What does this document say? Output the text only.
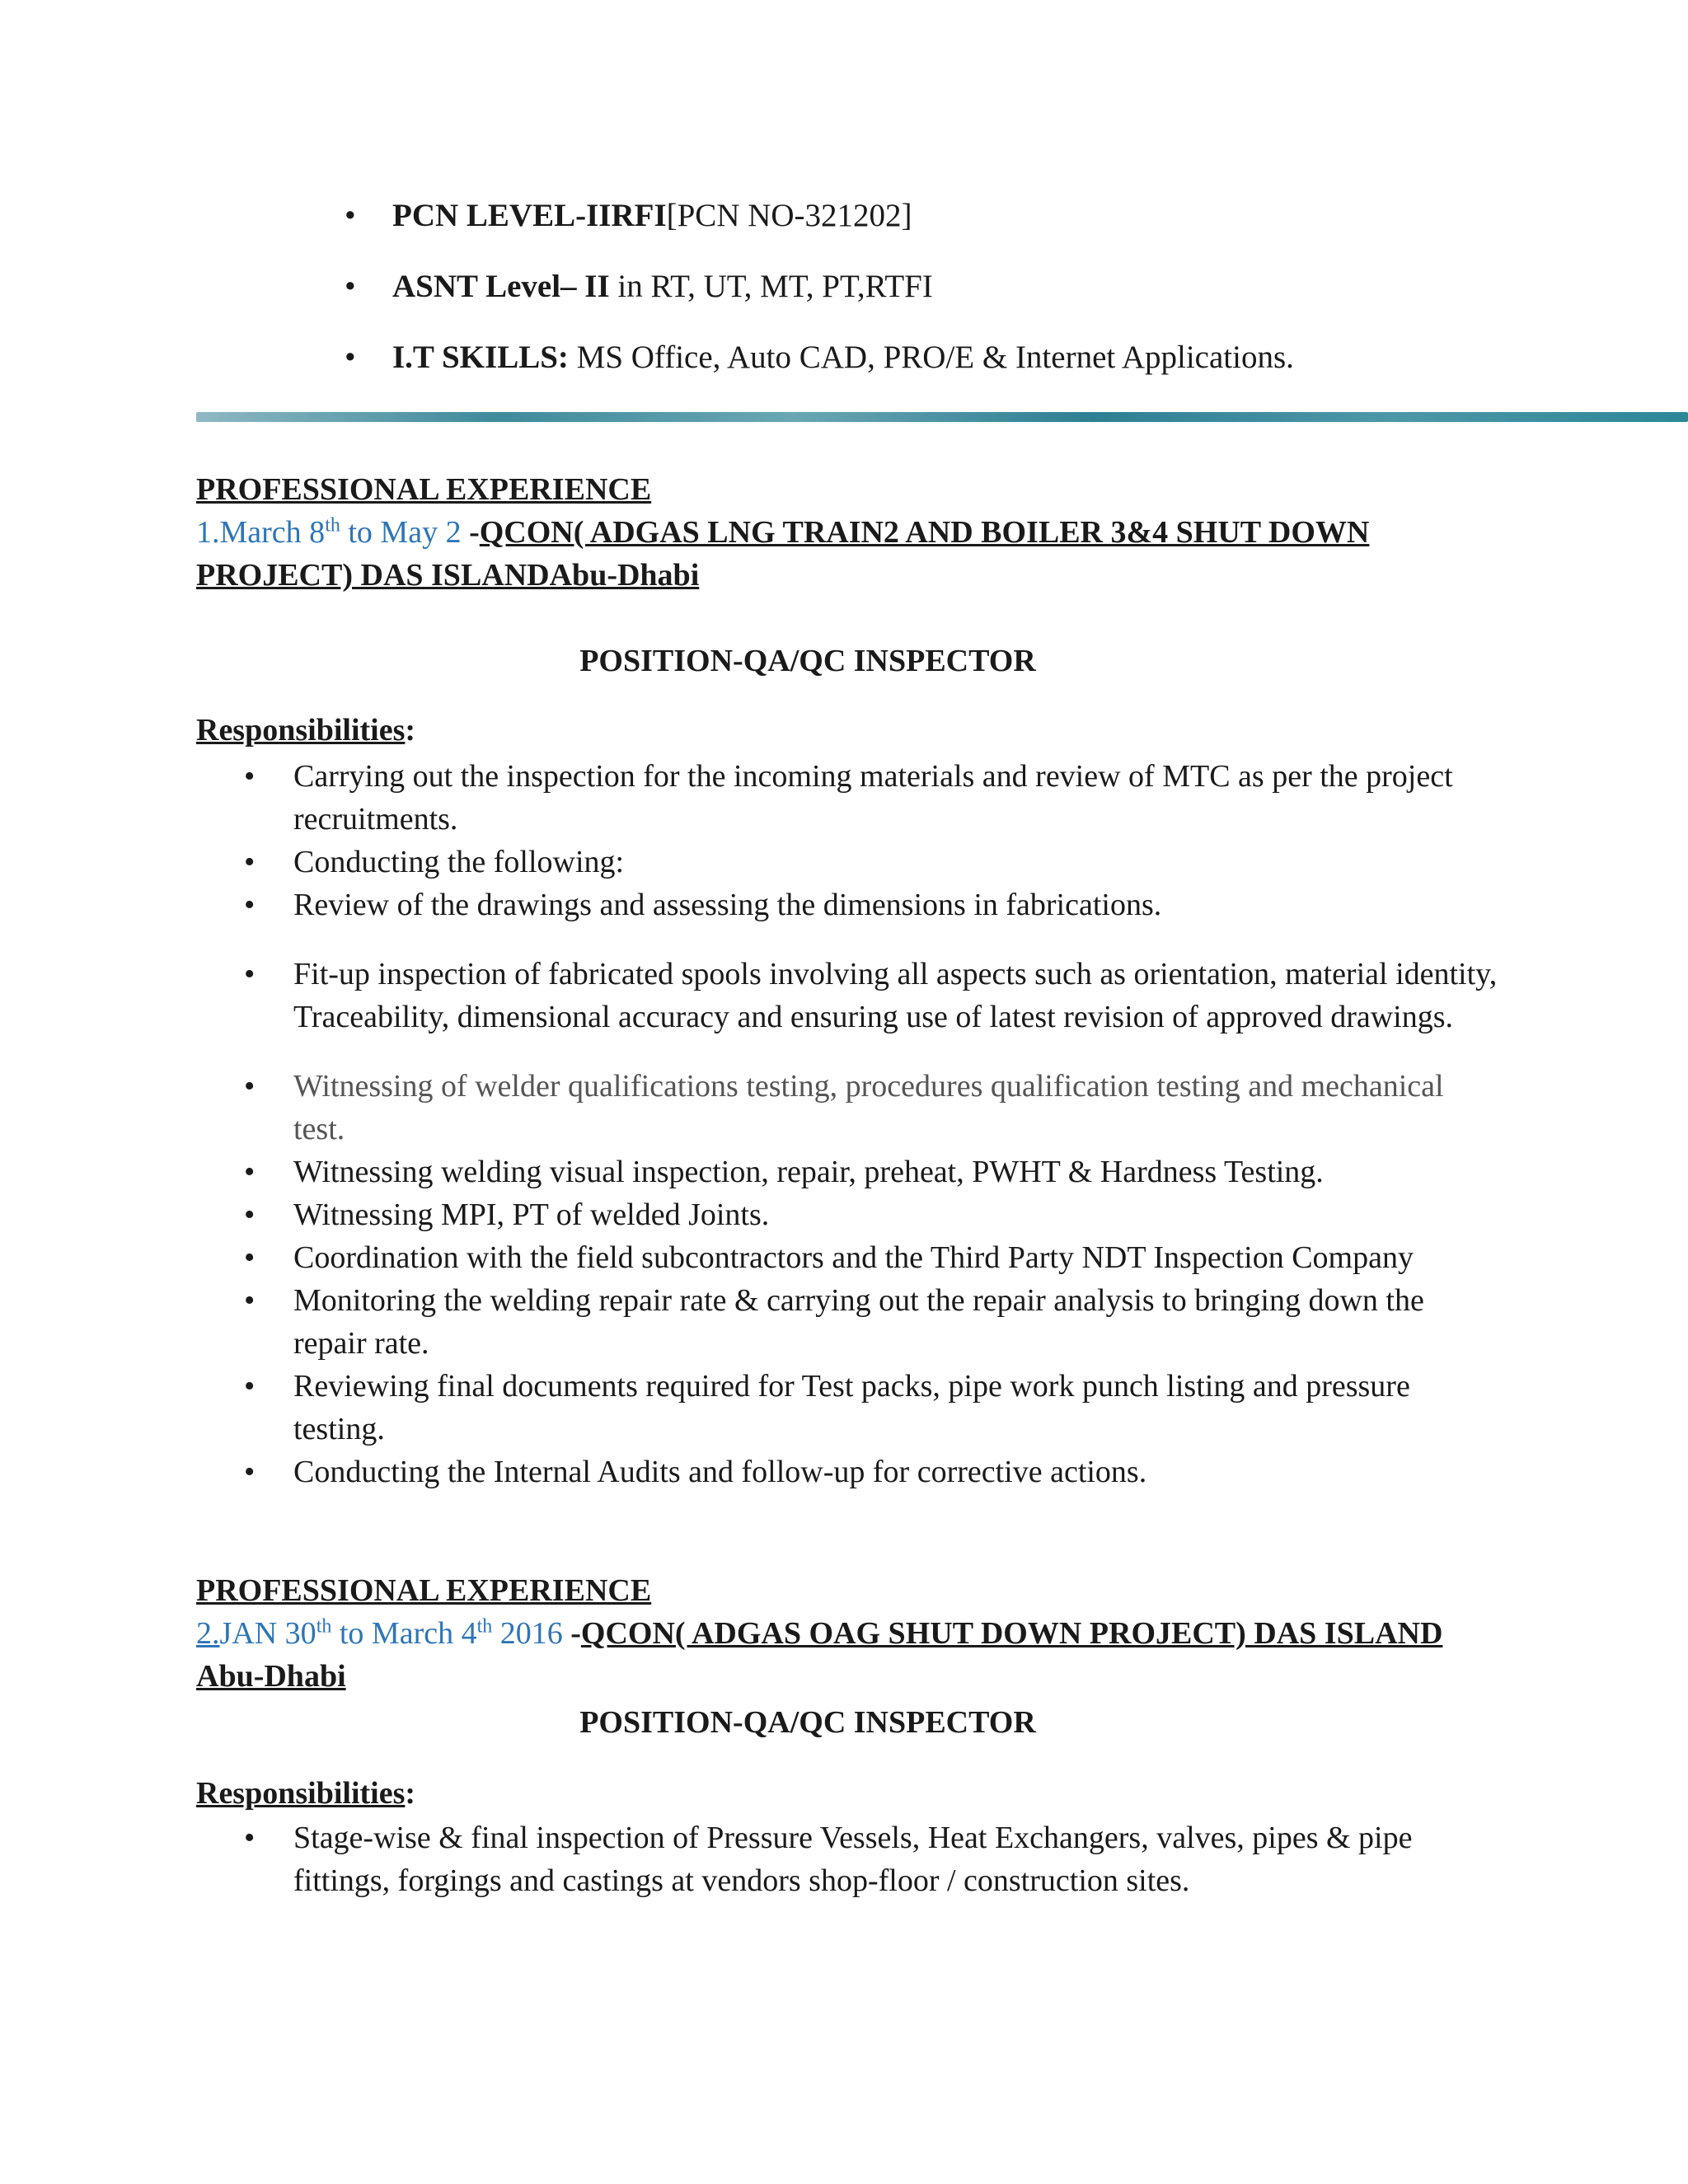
• PCN LEVEL-IIRFI[PCN NO-321202]
• ASNT Level– II in RT, UT, MT, PT,RTFI
• I.T SKILLS: MS Office, Auto CAD, PRO/E & Internet Applications.
PROFESSIONAL EXPERIENCE
1.March 8th to May 2 -QCON( ADGAS LNG TRAIN2 AND BOILER 3&4 SHUT DOWN PROJECT) DAS ISLANDAbu-Dhabi
POSITION-QA/QC INSPECTOR
Responsibilities:
• Carrying out the inspection for the incoming materials and review of MTC as per the project recruitments.
• Conducting the following:
• Review of the drawings and assessing the dimensions in fabrications.
• Fit-up inspection of fabricated spools involving all aspects such as orientation, material identity, Traceability, dimensional accuracy and ensuring use of latest revision of approved drawings.
• Witnessing of welder qualifications testing, procedures qualification testing and mechanical test.
• Witnessing welding visual inspection, repair, preheat, PWHT & Hardness Testing.
• Witnessing MPI, PT of welded Joints.
• Coordination with the field subcontractors and the Third Party NDT Inspection Company
• Monitoring the welding repair rate & carrying out the repair analysis to bringing down the repair rate.
• Reviewing final documents required for Test packs, pipe work punch listing and pressure testing.
• Conducting the Internal Audits and follow-up for corrective actions.
PROFESSIONAL EXPERIENCE
2.JAN 30th to March 4th 2016 -QCON( ADGAS OAG SHUT DOWN PROJECT) DAS ISLAND Abu-Dhabi
POSITION-QA/QC INSPECTOR
Responsibilities:
• Stage-wise & final inspection of Pressure Vessels, Heat Exchangers, valves, pipes & pipe fittings, forgings and castings at vendors shop-floor / construction sites.
